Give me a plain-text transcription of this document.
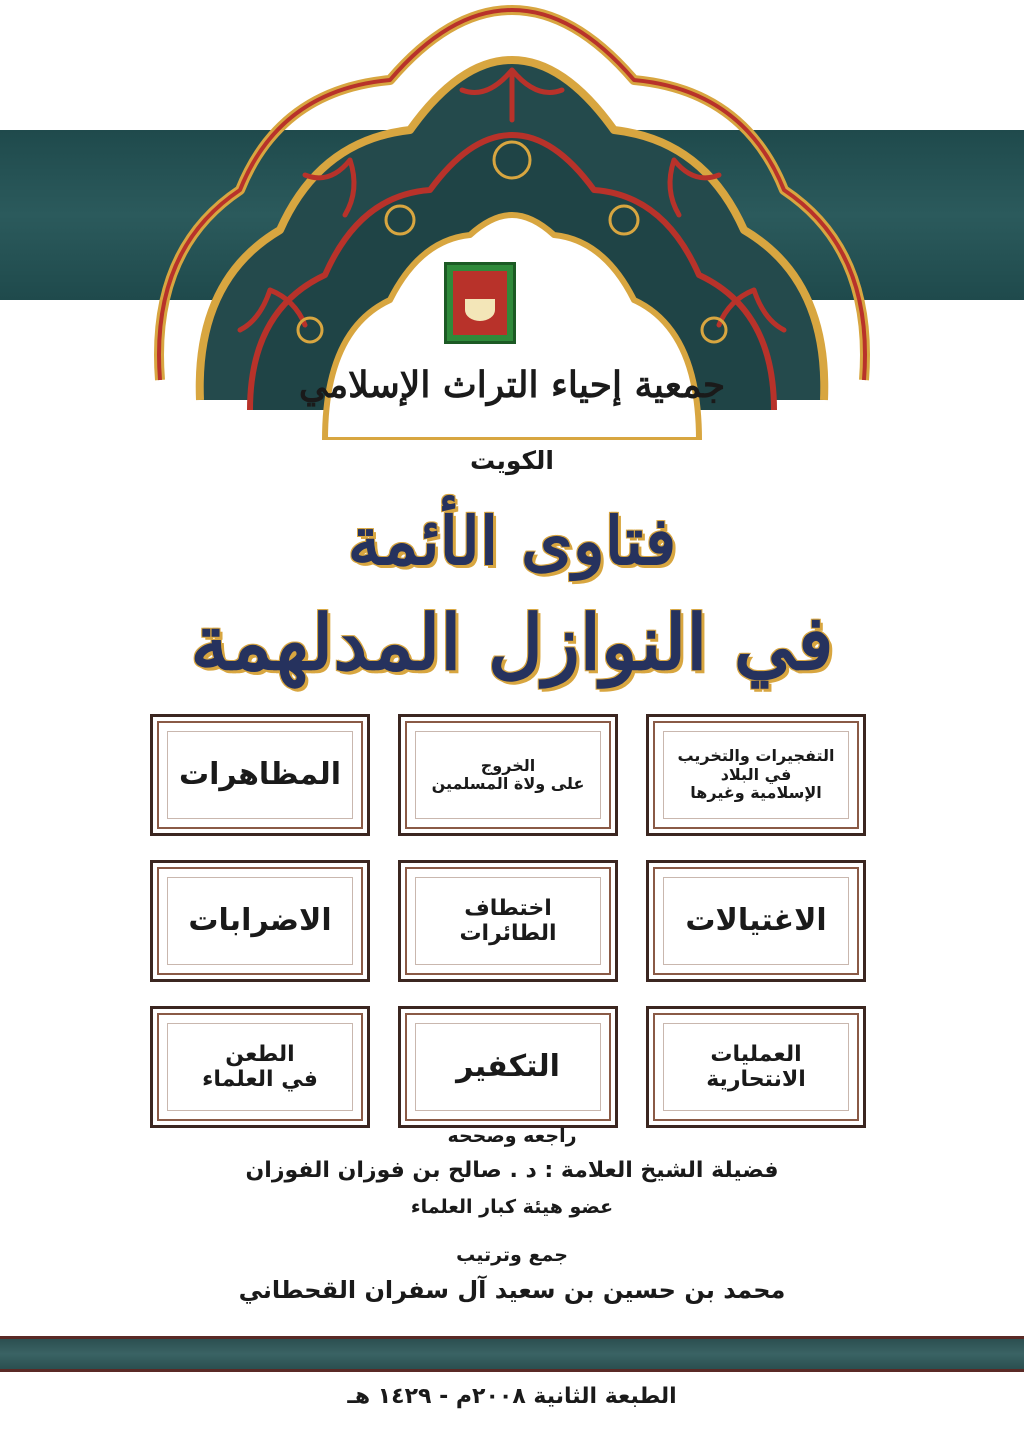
جمعية إحياء التراث الإسلامي
الكويت
فتاوى الأئمة
في النوازل المدلهمة
التفجيرات والتخريب
في البلاد
الإسلامية وغيرها
الخروج
على ولاة المسلمين
المظاهرات
الاغتيالات
اختطاف
الطائرات
الاضرابات
العمليات
الانتحارية
التكفير
الطعن
في العلماء
راجعه وصححه
فضيلة الشيخ العلامة : د . صالح بن فوزان الفوزان
عضو هيئة كبار العلماء
جمع وترتيب
محمد بن حسين بن سعيد آل سفران القحطاني
الطبعة الثانية ٢٠٠٨م - ١٤٢٩ هـ
